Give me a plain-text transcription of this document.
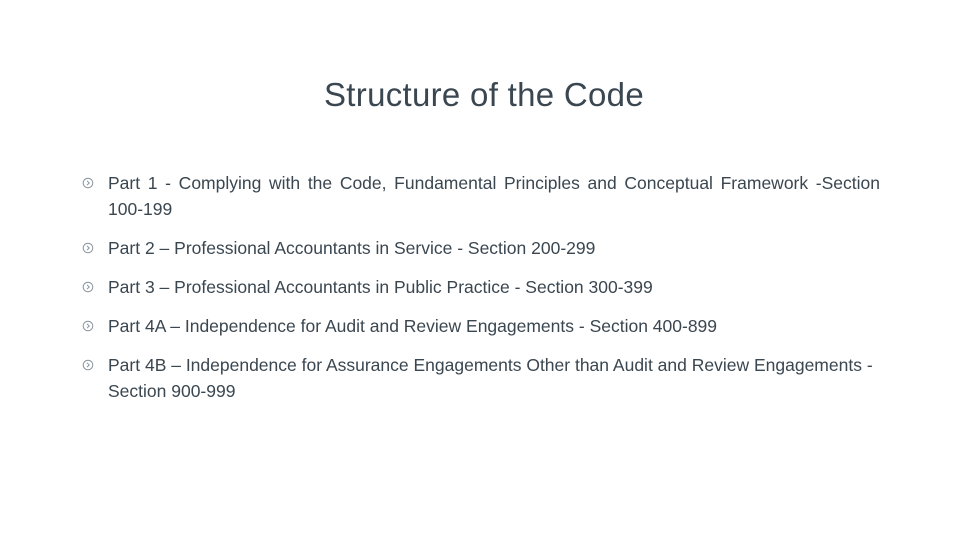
Structure of the Code
Part 1 - Complying with the Code, Fundamental Principles and Conceptual Framework -Section 100-199
Part 2 – Professional Accountants in Service - Section 200-299
Part 3 – Professional Accountants in Public Practice - Section 300-399
Part 4A – Independence for Audit and Review Engagements - Section 400-899
Part 4B – Independence for Assurance Engagements Other than Audit and Review Engagements - Section 900-999
